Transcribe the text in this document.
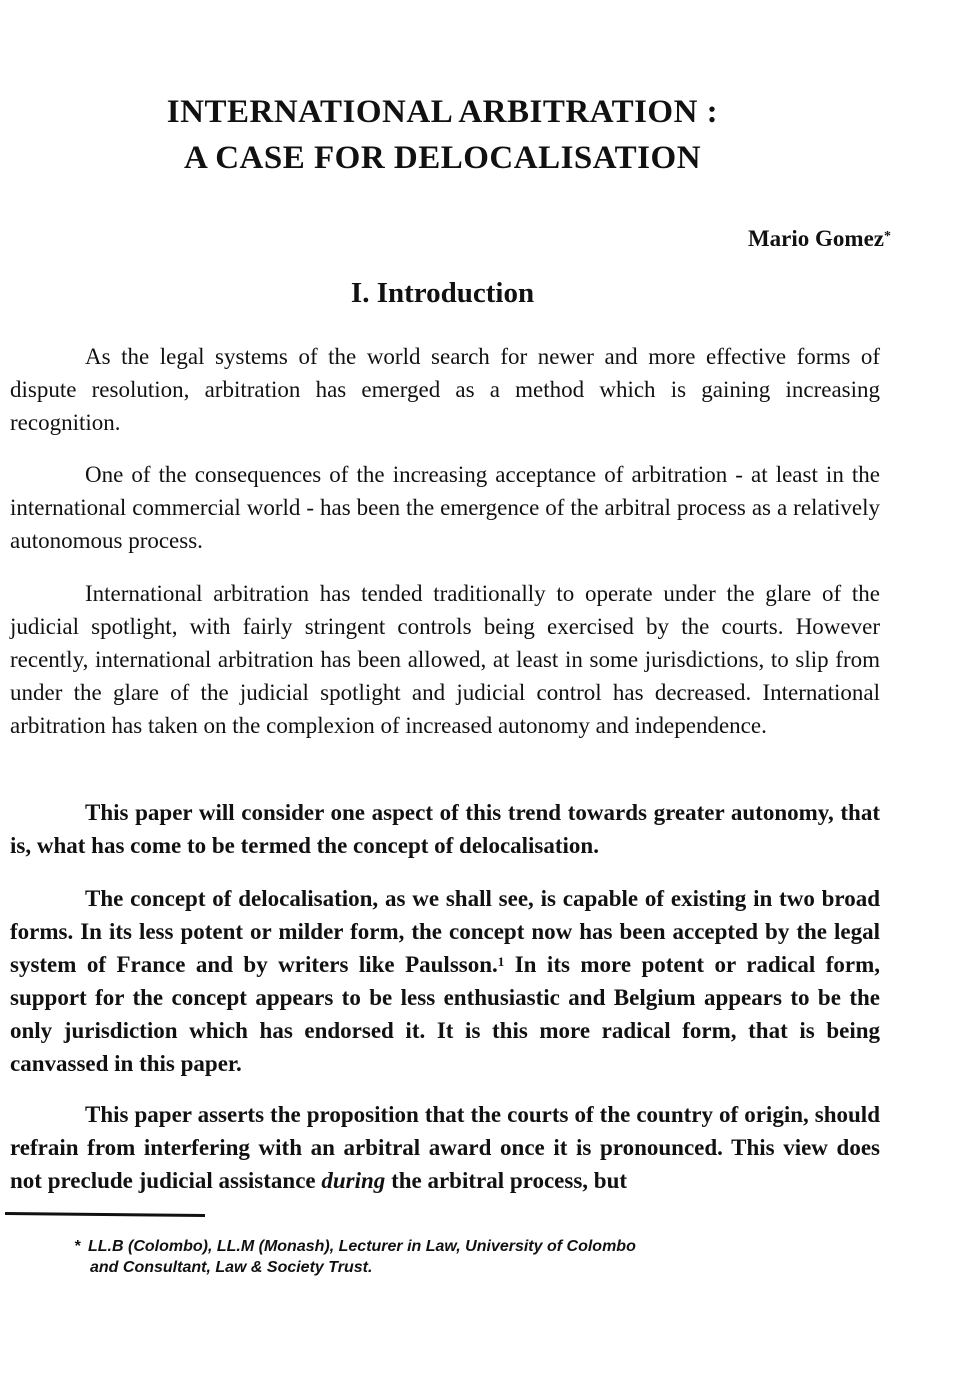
INTERNATIONAL ARBITRATION :
A CASE FOR DELOCALISATION
Mario Gomez*
I. Introduction

As the legal systems of the world search for newer and more effective forms of dispute resolution, arbitration has emerged as a method which is gaining increasing recognition.

One of the consequences of the increasing acceptance of arbitration - at least in the international commercial world - has been the emergence of the arbitral process as a relatively autonomous process.

International arbitration has tended traditionally to operate under the glare of the judicial spotlight, with fairly stringent controls being exercised by the courts. However recently, international arbitration has been allowed, at least in some jurisdictions, to slip from under the glare of the judicial spotlight and judicial control has decreased. International arbitration has taken on the complexion of increased autonomy and independence.

This paper will consider one aspect of this trend towards greater autonomy, that is, what has come to be termed the concept of delocalisation.

The concept of delocalisation, as we shall see, is capable of existing in two broad forms. In its less potent or milder form, the concept now has been accepted by the legal system of France and by writers like Paulsson.$^1$ In its more potent or radical form, support for the concept appears to be less enthusiastic and Belgium appears to be the only jurisdiction which has endorsed it. It is this more radical form, that is being canvassed in this paper.

This paper asserts the proposition that the courts of the country of origin, should refrain from interfering with an arbitral award once it is pronounced. This view does not preclude judicial assistance during the arbitral process, but

* LL.B (Colombo), LL.M (Monash), Lecturer in Law, University of Colombo
and Consultant, Law & Society Trust.
